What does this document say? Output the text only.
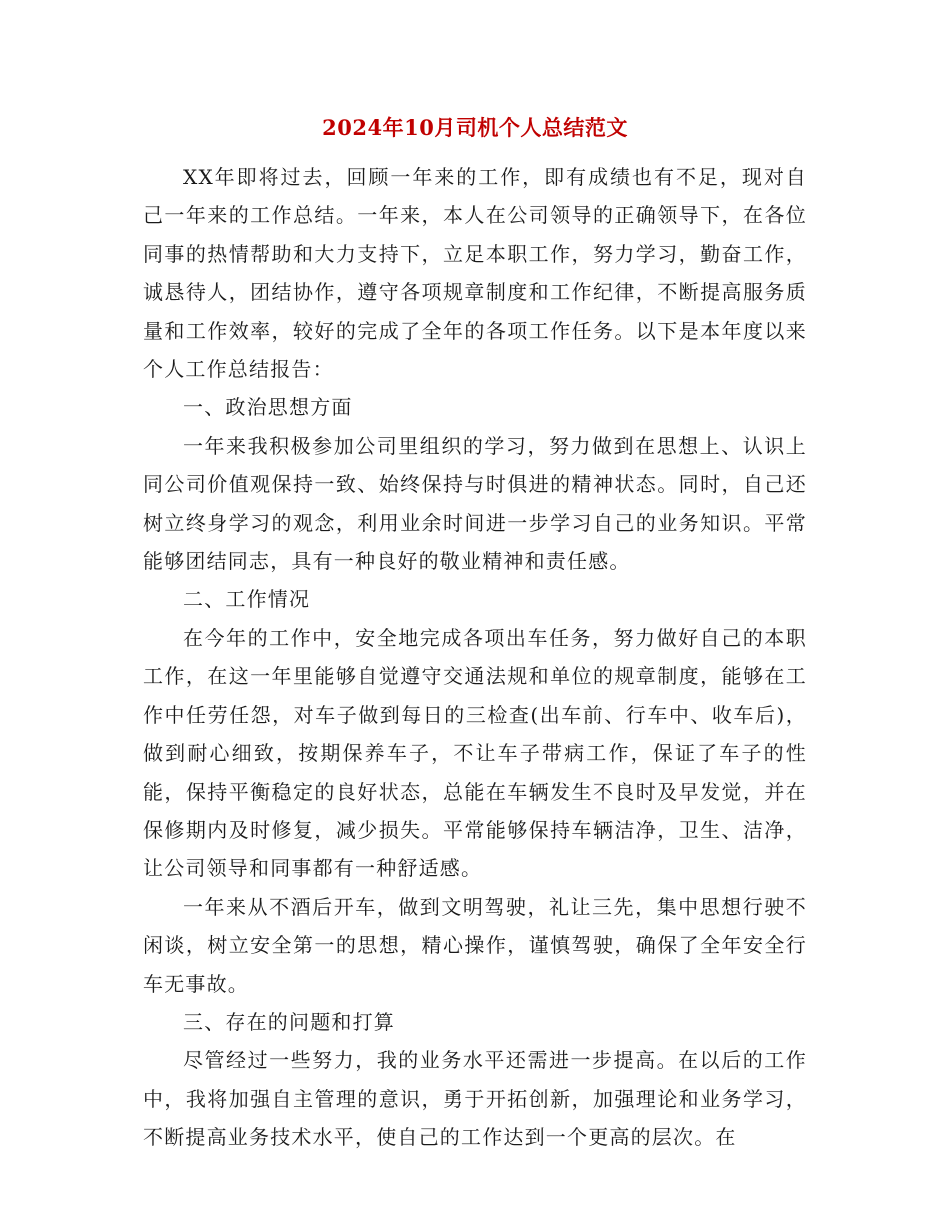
2024年10月司机个人总结范文

XX年即将过去，回顾一年来的工作，即有成绩也有不足，现对自己一年来的工作总结。一年来，本人在公司领导的正确领导下，在各位同事的热情帮助和大力支持下，立足本职工作，努力学习，勤奋工作，诚恳待人，团结协作，遵守各项规章制度和工作纪律，不断提高服务质量和工作效率，较好的完成了全年的各项工作任务。以下是本年度以来个人工作总结报告：

一、政治思想方面

一年来我积极参加公司里组织的学习，努力做到在思想上、认识上同公司价值观保持一致、始终保持与时俱进的精神状态。同时，自己还树立终身学习的观念，利用业余时间进一步学习自己的业务知识。平常能够团结同志，具有一种良好的敬业精神和责任感。

二、工作情况

在今年的工作中，安全地完成各项出车任务，努力做好自己的本职工作，在这一年里能够自觉遵守交通法规和单位的规章制度，能够在工作中任劳任怨，对车子做到每日的三检查(出车前、行车中、收车后)，做到耐心细致，按期保养车子，不让车子带病工作，保证了车子的性能，保持平衡稳定的良好状态，总能在车辆发生不良时及早发觉，并在保修期内及时修复，减少损失。平常能够保持车辆洁净，卫生、洁净，让公司领导和同事都有一种舒适感。

一年来从不酒后开车，做到文明驾驶，礼让三先，集中思想行驶不闲谈，树立安全第一的思想，精心操作，谨慎驾驶，确保了全年安全行车无事故。

三、存在的问题和打算

尽管经过一些努力，我的业务水平还需进一步提高。在以后的工作中，我将加强自主管理的意识，勇于开拓创新，加强理论和业务学习，不断提高业务技术水平，使自己的工作达到一个更高的层次。在
